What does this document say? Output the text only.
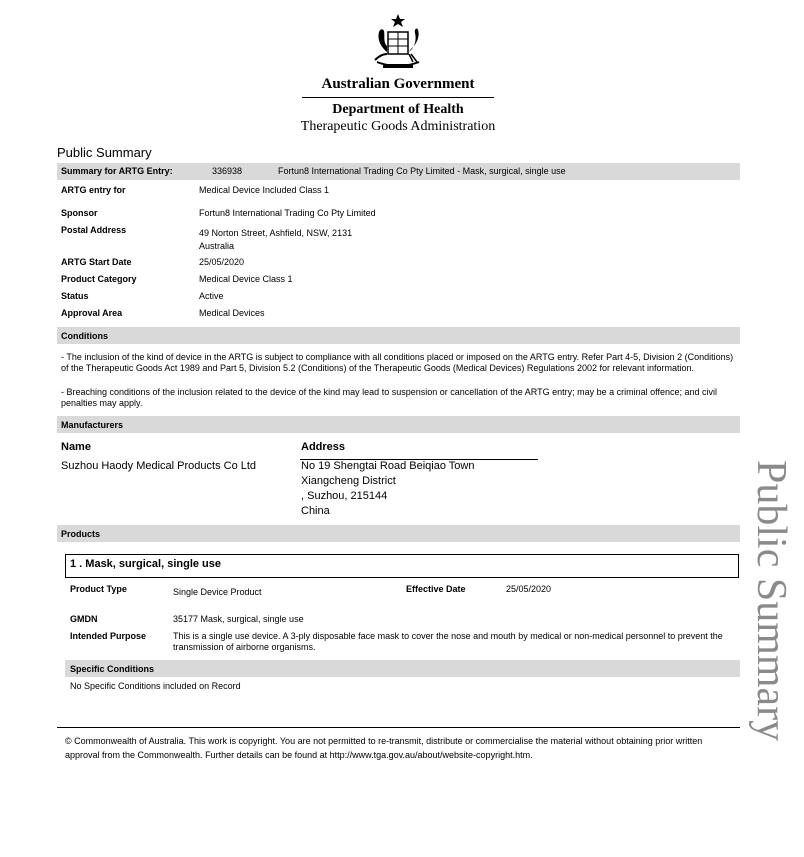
Australian Government
Department of Health
Therapeutic Goods Administration
Public Summary
Summary for ARTG Entry:	336938	Fortun8 International Trading Co Pty Limited - Mask, surgical, single use
ARTG entry for	Medical Device Included Class 1
Sponsor	Fortun8 International Trading Co Pty Limited
Postal Address	49 Norton Street, Ashfield, NSW, 2131
Australia
ARTG Start Date	25/05/2020
Product Category	Medical Device Class 1
Status	Active
Approval Area	Medical Devices
Conditions
- The inclusion of the kind of device in the ARTG is subject to compliance with all conditions placed or imposed on the ARTG entry. Refer Part 4-5, Division 2 (Conditions) of the Therapeutic Goods Act 1989 and Part 5, Division 5.2 (Conditions) of the Therapeutic Goods (Medical Devices) Regulations 2002 for relevant information.
- Breaching conditions of the inclusion related to the device of the kind may lead to suspension or cancellation of the ARTG entry; may be a criminal offence; and civil penalties may apply.
Manufacturers
Name	Address
Suzhou Haody Medical Products Co Ltd	No 19 Shengtai Road Beiqiao Town
Xiangcheng District
, Suzhou, 215144
China
Products
1 . Mask, surgical, single use
Product Type	Single Device Product	Effective Date	25/05/2020
GMDN	35177 Mask, surgical, single use
Intended Purpose	This is a single use device. A 3-ply disposable face mask to cover the nose and mouth by medical or non-medical personnel to prevent the transmission of airborne organisms.
Specific Conditions
No Specific Conditions included on Record
© Commonwealth of Australia. This work is copyright. You are not permitted to re-transmit, distribute or commercialise the material without obtaining prior written approval from the Commonwealth. Further details can be found at http://www.tga.gov.au/about/website-copyright.htm.
Public Summary
